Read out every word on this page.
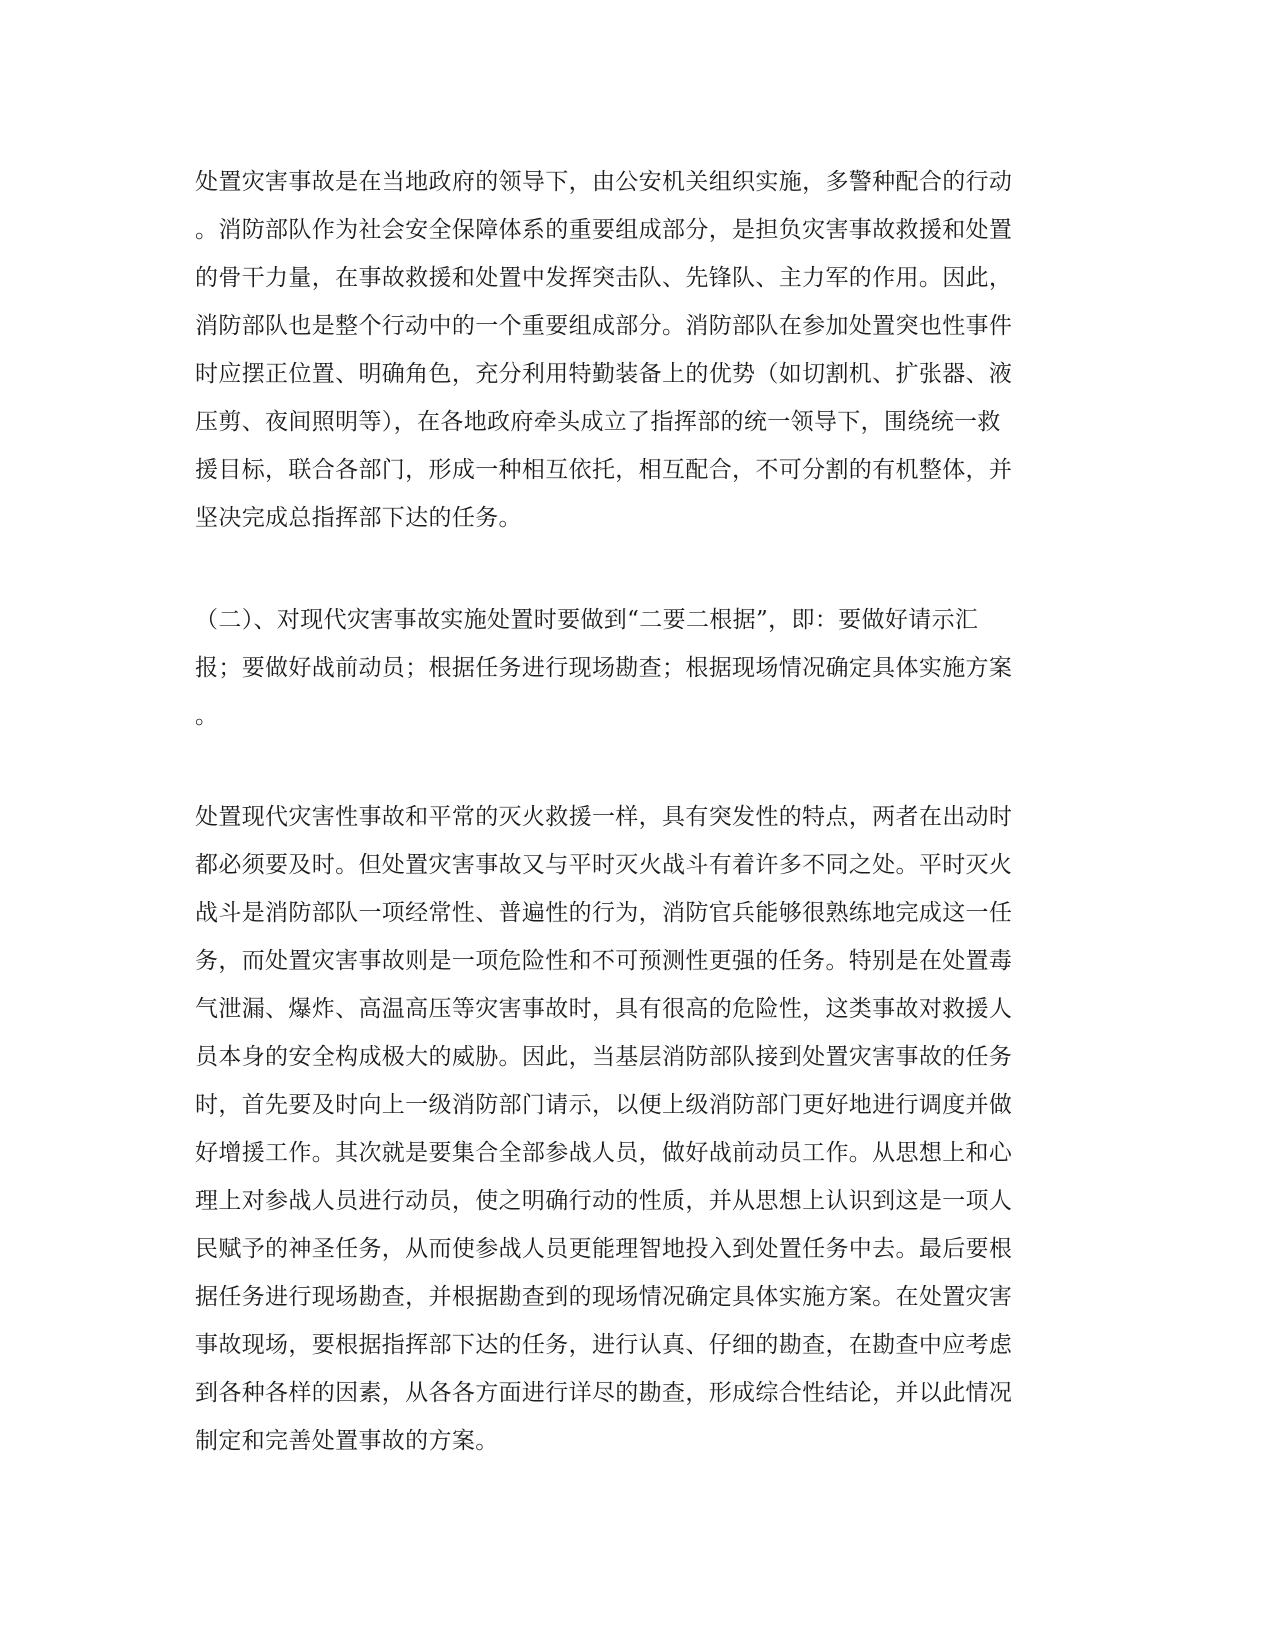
处置灾害事故是在当地政府的领导下，由公安机关组织实施，多警种配合的行动
。消防部队作为社会安全保障体系的重要组成部分，是担负灾害事故救援和处置
的骨干力量，在事故救援和处置中发挥突击队、先锋队、主力军的作用。因此，
消防部队也是整个行动中的一个重要组成部分。消防部队在参加处置突也性事件
时应摆正位置、明确角色，充分利用特勤装备上的优势（如切割机、扩张器、液
压剪、夜间照明等），在各地政府牵头成立了指挥部的统一领导下，围绕统一救
援目标，联合各部门，形成一种相互依托，相互配合，不可分割的有机整体，并
坚决完成总指挥部下达的任务。
（二）、对现代灾害事故实施处置时要做到“二要二根据”，即：要做好请示汇
报；要做好战前动员；根据任务进行现场勘查；根据现场情况确定具体实施方案
。
处置现代灾害性事故和平常的灭火救援一样，具有突发性的特点，两者在出动时
都必须要及时。但处置灾害事故又与平时灭火战斗有着许多不同之处。平时灭火
战斗是消防部队一项经常性、普遍性的行为，消防官兵能够很熟练地完成这一任
务，而处置灾害事故则是一项危险性和不可预测性更强的任务。特别是在处置毒
气泄漏、爆炸、高温高压等灾害事故时，具有很高的危险性，这类事故对救援人
员本身的安全构成极大的威胁。因此，当基层消防部队接到处置灾害事故的任务
时，首先要及时向上一级消防部门请示，以便上级消防部门更好地进行调度并做
好增援工作。其次就是要集合全部参战人员，做好战前动员工作。从思想上和心
理上对参战人员进行动员，使之明确行动的性质，并从思想上认识到这是一项人
民赋予的神圣任务，从而使参战人员更能理智地投入到处置任务中去。最后要根
据任务进行现场勘查，并根据勘查到的现场情况确定具体实施方案。在处置灾害
事故现场，要根据指挥部下达的任务，进行认真、仔细的勘查，在勘查中应考虑
到各种各样的因素，从各各方面进行详尽的勘查，形成综合性结论，并以此情况
制定和完善处置事故的方案。
